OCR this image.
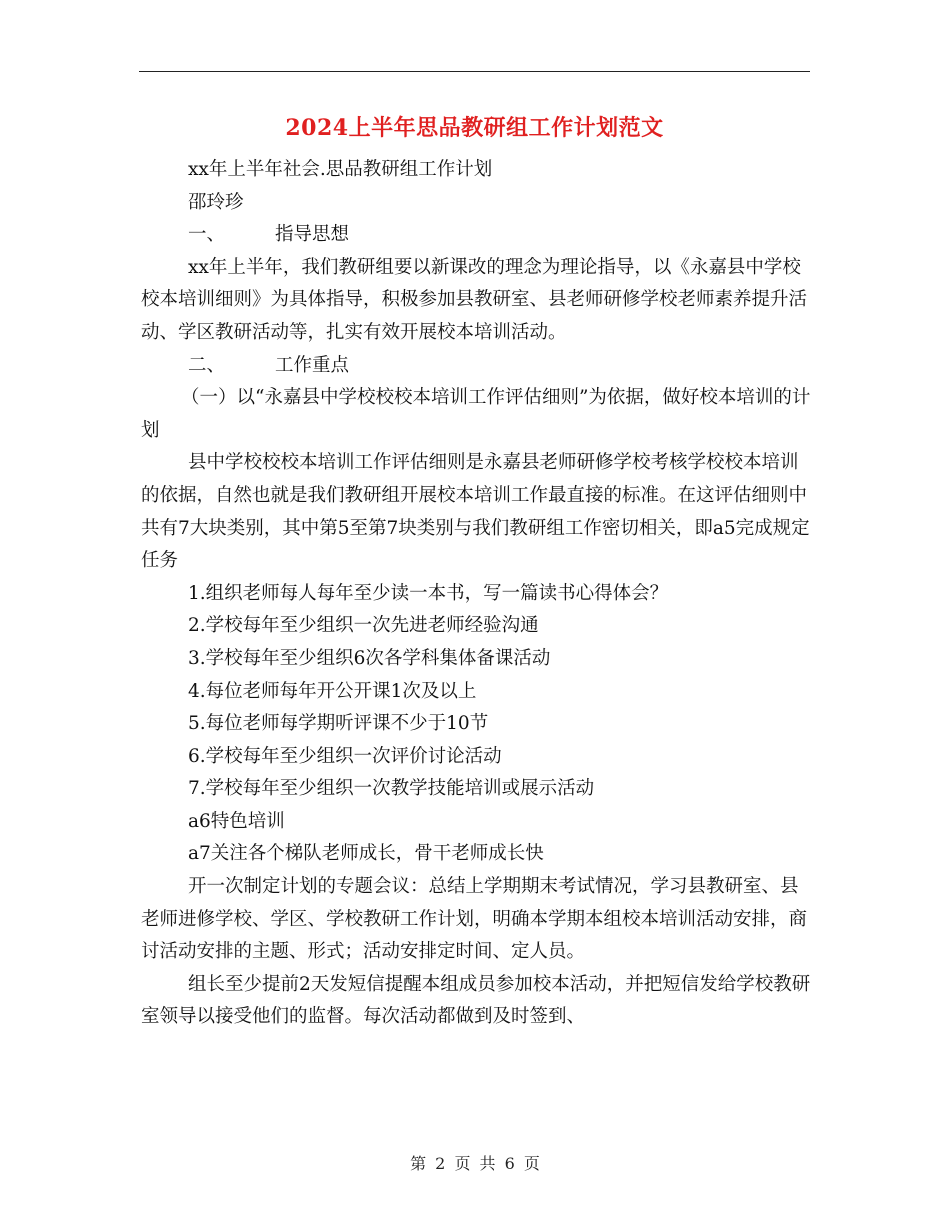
2024上半年思品教研组工作计划范文

xx年上半年社会.思品教研组工作计划

邵玲珍

一、	指导思想

xx年上半年，我们教研组要以新课改的理念为理论指导，以《永嘉县中学校校本培训细则》为具体指导，积极参加县教研室、县老师研修学校老师素养提升活动、学区教研活动等，扎实有效开展校本培训活动。

二、	工作重点

（一）以“永嘉县中学校校校本培训工作评估细则”为依据，做好校本培训的计划

县中学校校校本培训工作评估细则是永嘉县老师研修学校考核学校校本培训的依据，自然也就是我们教研组开展校本培训工作最直接的标准。在这评估细则中共有7大块类别，其中第5至第7块类别与我们教研组工作密切相关，即a5完成规定任务

1.组织老师每人每年至少读一本书，写一篇读书心得体会？

2.学校每年至少组织一次先进老师经验沟通

3.学校每年至少组织6次各学科集体备课活动

4.每位老师每年开公开课1次及以上

5.每位老师每学期听评课不少于10节

6.学校每年至少组织一次评价讨论活动

7.学校每年至少组织一次教学技能培训或展示活动

a6特色培训

a7关注各个梯队老师成长，骨干老师成长快

开一次制定计划的专题会议：总结上学期期末考试情况，学习县教研室、县老师进修学校、学区、学校教研工作计划，明确本学期本组校本培训活动安排，商讨活动安排的主题、形式；活动安排定时间、定人员。

组长至少提前2天发短信提醒本组成员参加校本活动，并把短信发给学校教研室领导以接受他们的监督。每次活动都做到及时签到、

第 2 页 共 6 页
